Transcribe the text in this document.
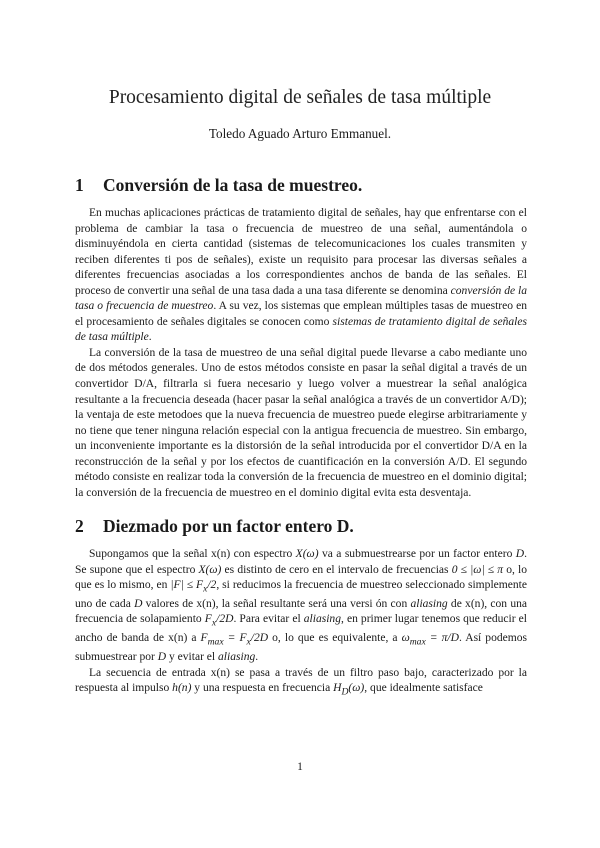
Procesamiento digital de señales de tasa múltiple
Toledo Aguado Arturo Emmanuel.
1 Conversión de la tasa de muestreo.

En muchas aplicaciones prácticas de tratamiento digital de señales, hay que enfrentarse con el problema de cambiar la tasa o frecuencia de muestreo de una señal, aumentándola o disminuyéndola en cierta cantidad (sistemas de telecomunicaciones los cuales transmiten y reciben diferentes ti pos de señales), existe un requisito para procesar las diversas señales a diferentes frecuencias asociadas a los correspondientes anchos de banda de las señales. El proceso de convertir una señal de una tasa dada a una tasa diferente se denomina conversión de la tasa o frecuencia de muestreo. A su vez, los sistemas que emplean múltiples tasas de muestreo en el procesamiento de señales digitales se conocen como sistemas de tratamiento digital de señales de tasa múltiple.

La conversión de la tasa de muestreo de una señal digital puede llevarse a cabo mediante uno de dos métodos generales. Uno de estos métodos consiste en pasar la señal digital a través de un convertidor D/A, filtrarla si fuera necesario y luego volver a muestrear la señal analógica resultante a la frecuencia deseada (hacer pasar la señal analógica a través de un convertidor A/D); la ventaja de este metodoes que la nueva frecuencia de muestreo puede elegirse arbitrariamente y no tiene que tener ninguna relación especial con la antigua frecuencia de muestreo. Sin embargo, un inconveniente importante es la distorsión de la señal introducida por el convertidor D/A en la reconstrucción de la señal y por los efectos de cuantificación en la conversión A/D. El segundo método consiste en realizar toda la conversión de la frecuencia de muestreo en el dominio digital; la conversión de la frecuencia de muestreo en el dominio digital evita esta desventaja.

2 Diezmado por un factor entero D.

Supongamos que la señal x(n) con espectro X(ω) va a submuestrearse por un factor entero D. Se supone que el espectro X(ω) es distinto de cero en el intervalo de frecuencias 0 ≤ |ω| ≤ π o, lo que es lo mismo, en $|F| \le F_x/2$, si reducimos la frecuencia de muestreo seleccionado simplemente uno de cada D valores de x(n), la señal resultante será una versi ón con aliasing de x(n), con una frecuencia de solapamiento $F_x/2D$. Para evitar el aliasing, en primer lugar tenemos que reducir el ancho de banda de x(n) a $F_{max} = F_x/2D$ o, lo que es equivalente, a $\omega_{max} = \pi/D$. Así podemos submuestrear por D y evitar el aliasing.

La secuencia de entrada x(n) se pasa a través de un filtro paso bajo, caracterizado por la respuesta al impulso h(n) y una respuesta en frecuencia $H_D(\omega)$, que idealmente satisface

1
